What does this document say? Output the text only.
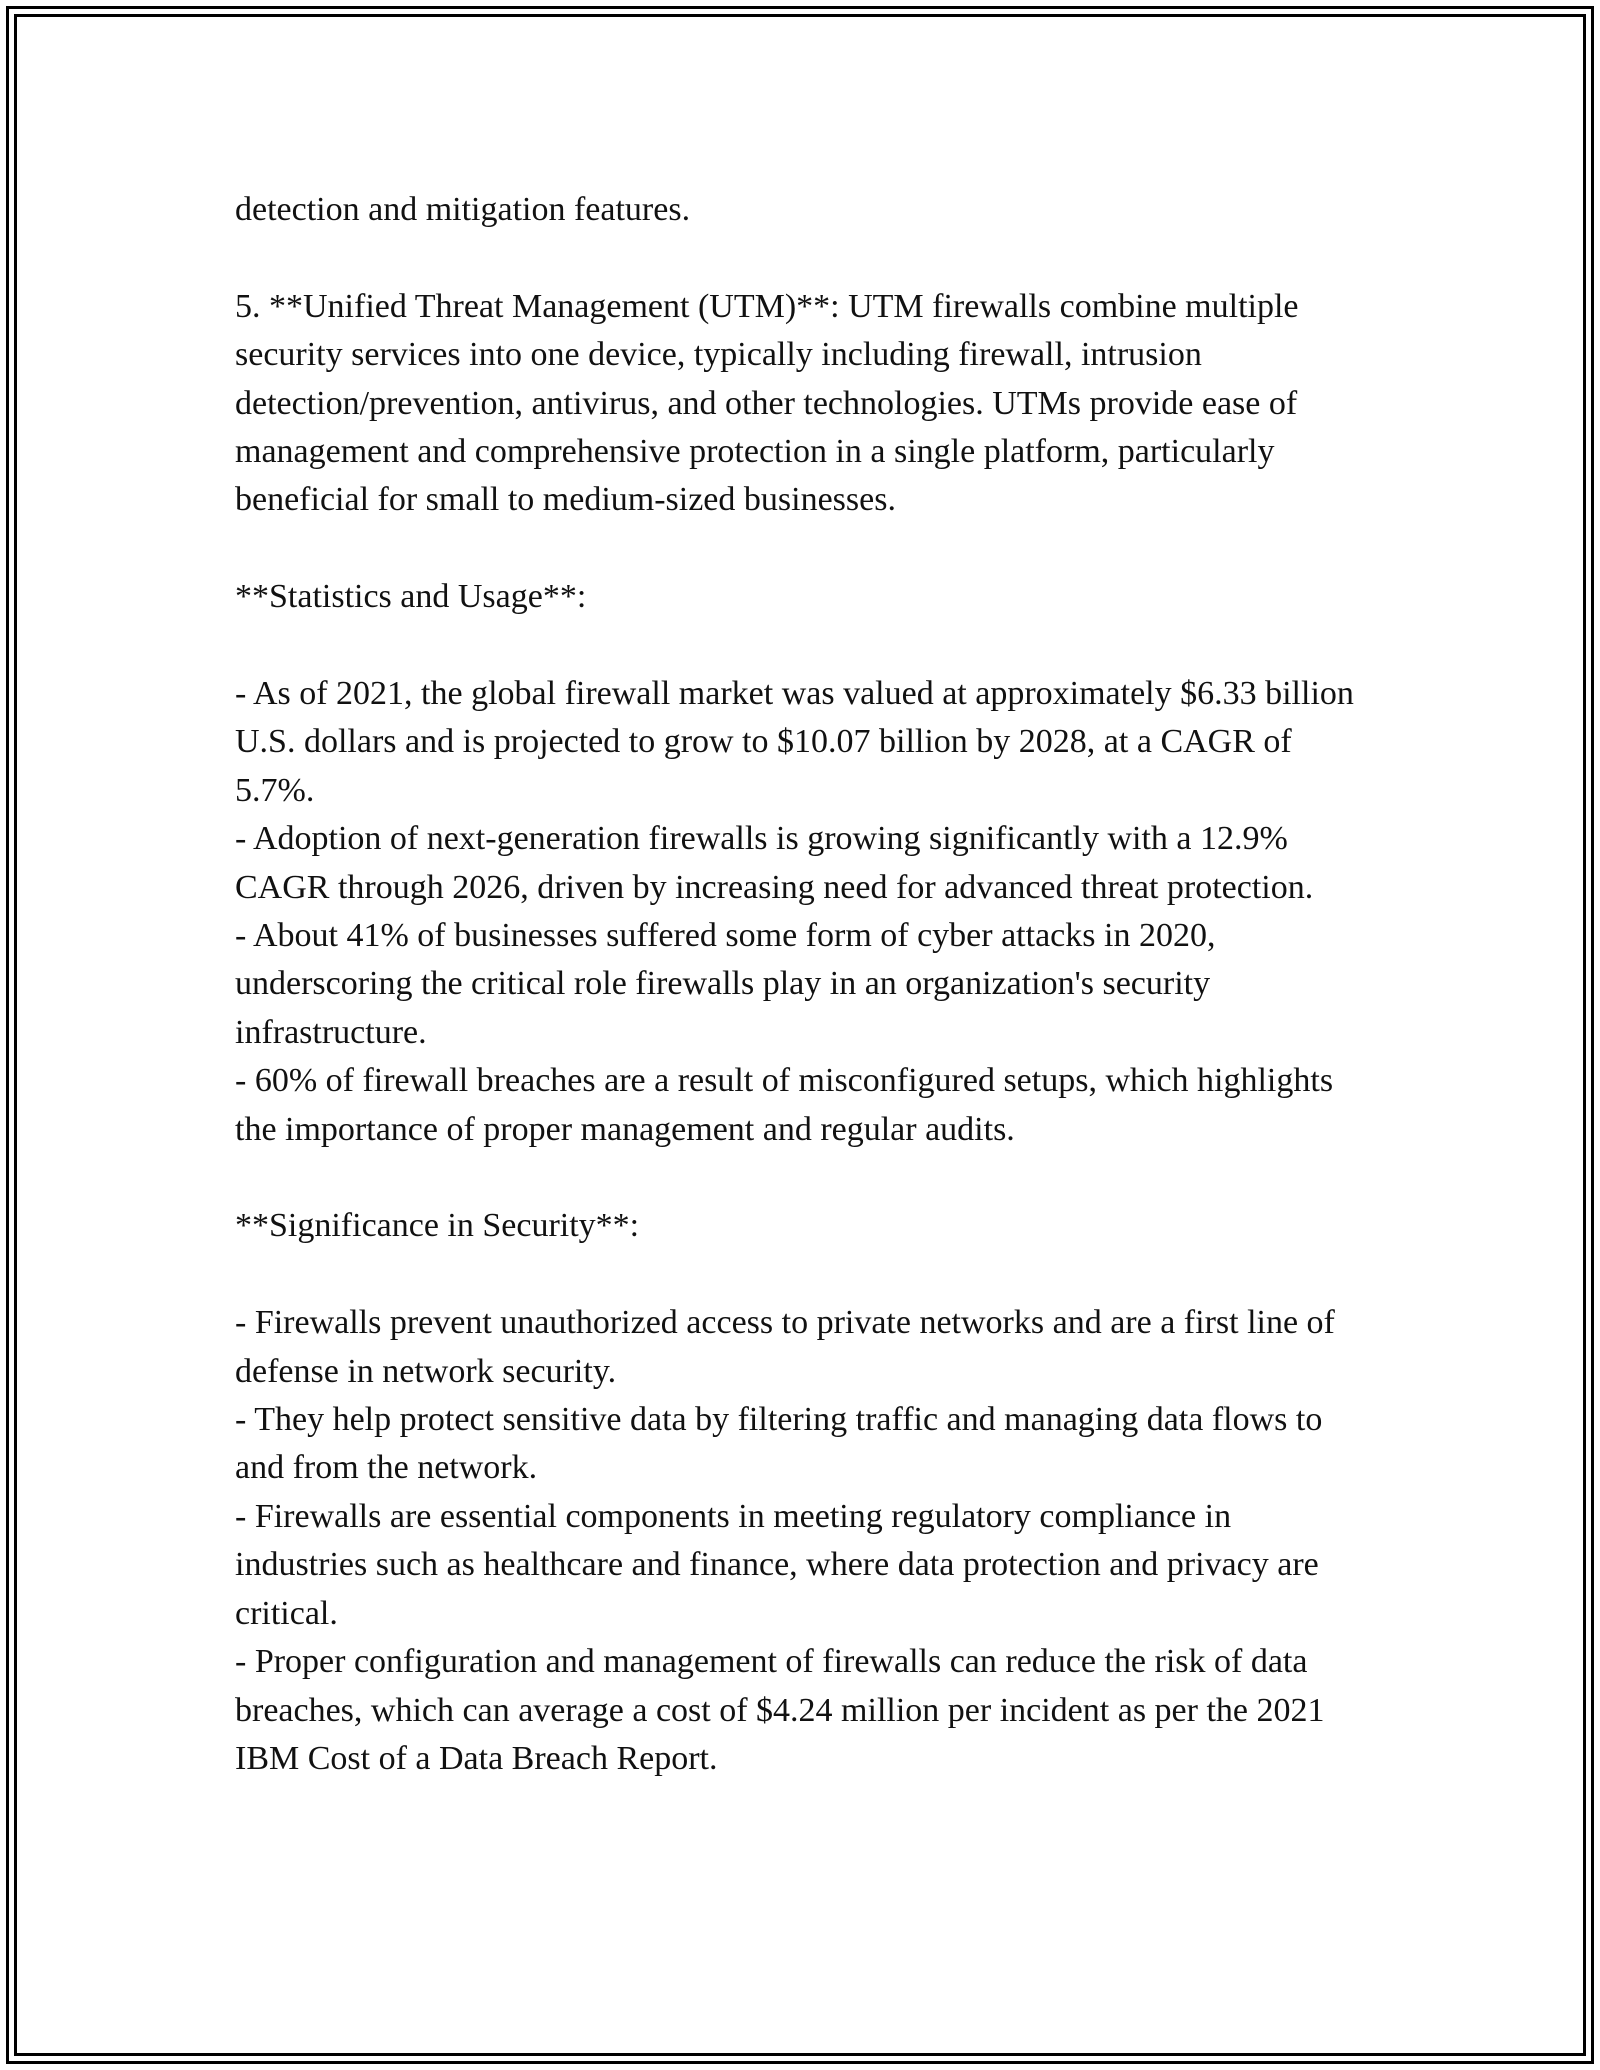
detection and mitigation features.

5. **Unified Threat Management (UTM)**: UTM firewalls combine multiple security services into one device, typically including firewall, intrusion detection/prevention, antivirus, and other technologies. UTMs provide ease of management and comprehensive protection in a single platform, particularly beneficial for small to medium-sized businesses.

**Statistics and Usage**:

- As of 2021, the global firewall market was valued at approximately $6.33 billion U.S. dollars and is projected to grow to $10.07 billion by 2028, at a CAGR of 5.7%.

- Adoption of next-generation firewalls is growing significantly with a 12.9% CAGR through 2026, driven by increasing need for advanced threat protection.

- About 41% of businesses suffered some form of cyber attacks in 2020, underscoring the critical role firewalls play in an organization's security infrastructure.

- 60% of firewall breaches are a result of misconfigured setups, which highlights the importance of proper management and regular audits.

**Significance in Security**:

- Firewalls prevent unauthorized access to private networks and are a first line of defense in network security.

- They help protect sensitive data by filtering traffic and managing data flows to and from the network.

- Firewalls are essential components in meeting regulatory compliance in industries such as healthcare and finance, where data protection and privacy are critical.

- Proper configuration and management of firewalls can reduce the risk of data breaches, which can average a cost of $4.24 million per incident as per the 2021 IBM Cost of a Data Breach Report.
